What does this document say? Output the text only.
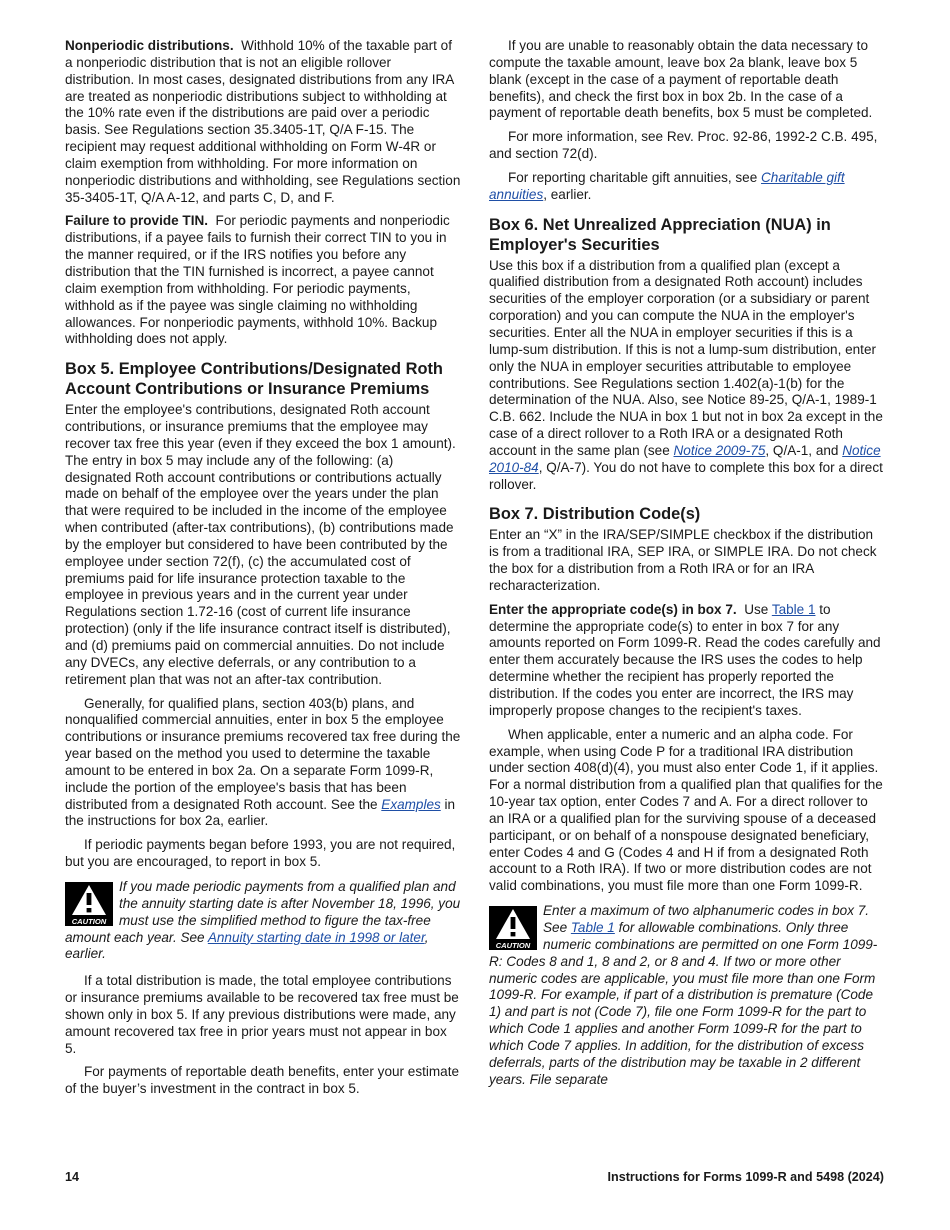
Nonperiodic distributions. Withhold 10% of the taxable part of a nonperiodic distribution that is not an eligible rollover distribution. In most cases, designated distributions from any IRA are treated as nonperiodic distributions subject to withholding at the 10% rate even if the distributions are paid over a periodic basis. See Regulations section 35.3405-1T, Q/A F-15. The recipient may request additional withholding on Form W-4R or claim exemption from withholding. For more information on nonperiodic distributions and withholding, see Regulations section 35-3405-1T, Q/A A-12, and parts C, D, and F.

Failure to provide TIN. For periodic payments and nonperiodic distributions, if a payee fails to furnish their correct TIN to you in the manner required, or if the IRS notifies you before any distribution that the TIN furnished is incorrect, a payee cannot claim exemption from withholding. For periodic payments, withhold as if the payee was single claiming no withholding allowances. For nonperiodic payments, withhold 10%. Backup withholding does not apply.

Box 5. Employee Contributions/Designated Roth Account Contributions or Insurance Premiums

Enter the employee's contributions, designated Roth account contributions, or insurance premiums that the employee may recover tax free this year (even if they exceed the box 1 amount). The entry in box 5 may include any of the following: (a) designated Roth account contributions or contributions actually made on behalf of the employee over the years under the plan that were required to be included in the income of the employee when contributed (after-tax contributions), (b) contributions made by the employer but considered to have been contributed by the employee under section 72(f), (c) the accumulated cost of premiums paid for life insurance protection taxable to the employee in previous years and in the current year under Regulations section 1.72-16 (cost of current life insurance protection) (only if the life insurance contract itself is distributed), and (d) premiums paid on commercial annuities. Do not include any DVECs, any elective deferrals, or any contribution to a retirement plan that was not an after-tax contribution.

Generally, for qualified plans, section 403(b) plans, and nonqualified commercial annuities, enter in box 5 the employee contributions or insurance premiums recovered tax free during the year based on the method you used to determine the taxable amount to be entered in box 2a. On a separate Form 1099-R, include the portion of the employee's basis that has been distributed from a designated Roth account. See the Examples in the instructions for box 2a, earlier.

If periodic payments began before 1993, you are not required, but you are encouraged, to report in box 5.

CAUTION
If you made periodic payments from a qualified plan and the annuity starting date is after November 18, 1996, you must use the simplified method to figure the tax-free amount each year. See Annuity starting date in 1998 or later, earlier.

If a total distribution is made, the total employee contributions or insurance premiums available to be recovered tax free must be shown only in box 5. If any previous distributions were made, any amount recovered tax free in prior years must not appear in box 5.

For payments of reportable death benefits, enter your estimate of the buyer’s investment in the contract in box 5.

If you are unable to reasonably obtain the data necessary to compute the taxable amount, leave box 2a blank, leave box 5 blank (except in the case of a payment of reportable death benefits), and check the first box in box 2b. In the case of a payment of reportable death benefits, box 5 must be completed.

For more information, see Rev. Proc. 92-86, 1992-2 C.B. 495, and section 72(d).

For reporting charitable gift annuities, see Charitable gift annuities, earlier.

Box 6. Net Unrealized Appreciation (NUA) in Employer's Securities

Use this box if a distribution from a qualified plan (except a qualified distribution from a designated Roth account) includes securities of the employer corporation (or a subsidiary or parent corporation) and you can compute the NUA in the employer's securities. Enter all the NUA in employer securities if this is a lump-sum distribution. If this is not a lump-sum distribution, enter only the NUA in employer securities attributable to employee contributions. See Regulations section 1.402(a)-1(b) for the determination of the NUA. Also, see Notice 89-25, Q/A-1, 1989-1 C.B. 662. Include the NUA in box 1 but not in box 2a except in the case of a direct rollover to a Roth IRA or a designated Roth account in the same plan (see Notice 2009-75, Q/A-1, and Notice 2010-84, Q/A-7). You do not have to complete this box for a direct rollover.

Box 7. Distribution Code(s)

Enter an “X” in the IRA/SEP/SIMPLE checkbox if the distribution is from a traditional IRA, SEP IRA, or SIMPLE IRA. Do not check the box for a distribution from a Roth IRA or for an IRA recharacterization.

Enter the appropriate code(s) in box 7. Use Table 1 to determine the appropriate code(s) to enter in box 7 for any amounts reported on Form 1099-R. Read the codes carefully and enter them accurately because the IRS uses the codes to help determine whether the recipient has properly reported the distribution. If the codes you enter are incorrect, the IRS may improperly propose changes to the recipient's taxes.

When applicable, enter a numeric and an alpha code. For example, when using Code P for a traditional IRA distribution under section 408(d)(4), you must also enter Code 1, if it applies. For a normal distribution from a qualified plan that qualifies for the 10-year tax option, enter Codes 7 and A. For a direct rollover to an IRA or a qualified plan for the surviving spouse of a deceased participant, or on behalf of a nonspouse designated beneficiary, enter Codes 4 and G (Codes 4 and H if from a designated Roth account to a Roth IRA). If two or more distribution codes are not valid combinations, you must file more than one Form 1099-R.

CAUTION
Enter a maximum of two alphanumeric codes in box 7. See Table 1 for allowable combinations. Only three numeric combinations are permitted on one Form 1099-R: Codes 8 and 1, 8 and 2, or 8 and 4. If two or more other numeric codes are applicable, you must file more than one Form 1099-R. For example, if part of a distribution is premature (Code 1) and part is not (Code 7), file one Form 1099-R for the part to which Code 1 applies and another Form 1099-R for the part to which Code 7 applies. In addition, for the distribution of excess deferrals, parts of the distribution may be taxable in 2 different years. File separate
14	Instructions for Forms 1099-R and 5498 (2024)
